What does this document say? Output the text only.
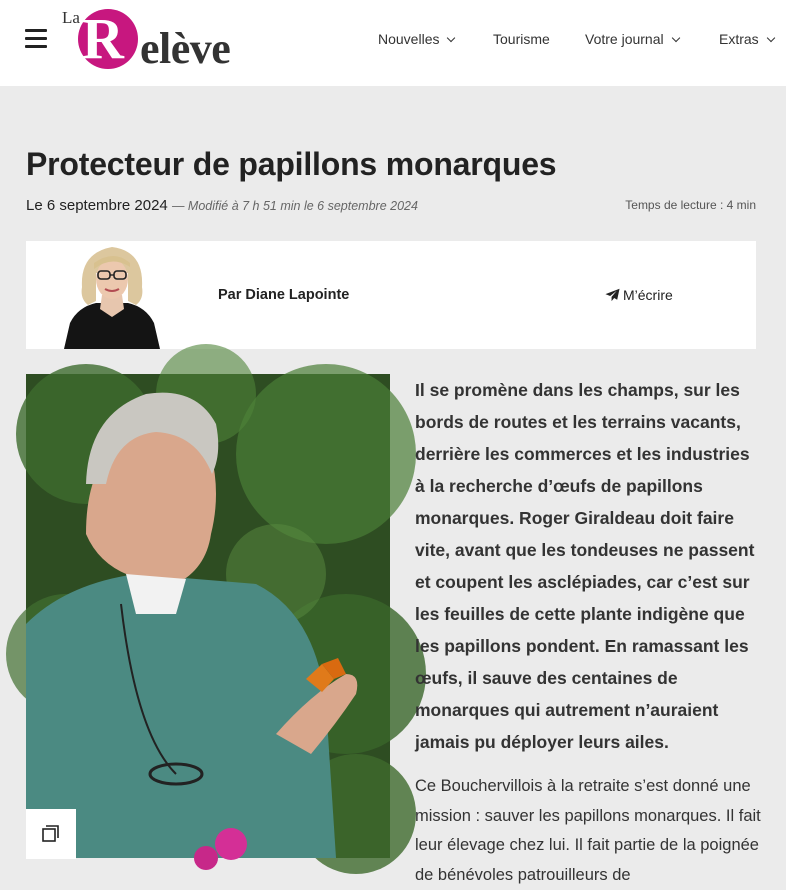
La R elève	Nouvelles	Tourisme	Votre journal	Extras
Protecteur de papillons monarques
Le 6 septembre 2024 — Modifié à 7 h 51 min le 6 septembre 2024	Temps de lecture : 4 min
Par Diane Lapointe	M’écrire

Il se promène dans les champs, sur les bords de routes et les terrains vacants, derrière les commerces et les industries à la recherche d’œufs de papillons monarques. Roger Giraldeau doit faire vite, avant que les tondeuses ne passent et coupent les asclépiades, car c’est sur les feuilles de cette plante indigène que les papillons pondent. En ramassant les œufs, il sauve des centaines de monarques qui autrement n’auraient jamais pu déployer leurs ailes.

Ce Bouchervillois à la retraite s’est donné une mission : sauver les papillons monarques. Il fait leur élevage chez lui. Il fait partie de la poignée de bénévoles patrouilleurs de
